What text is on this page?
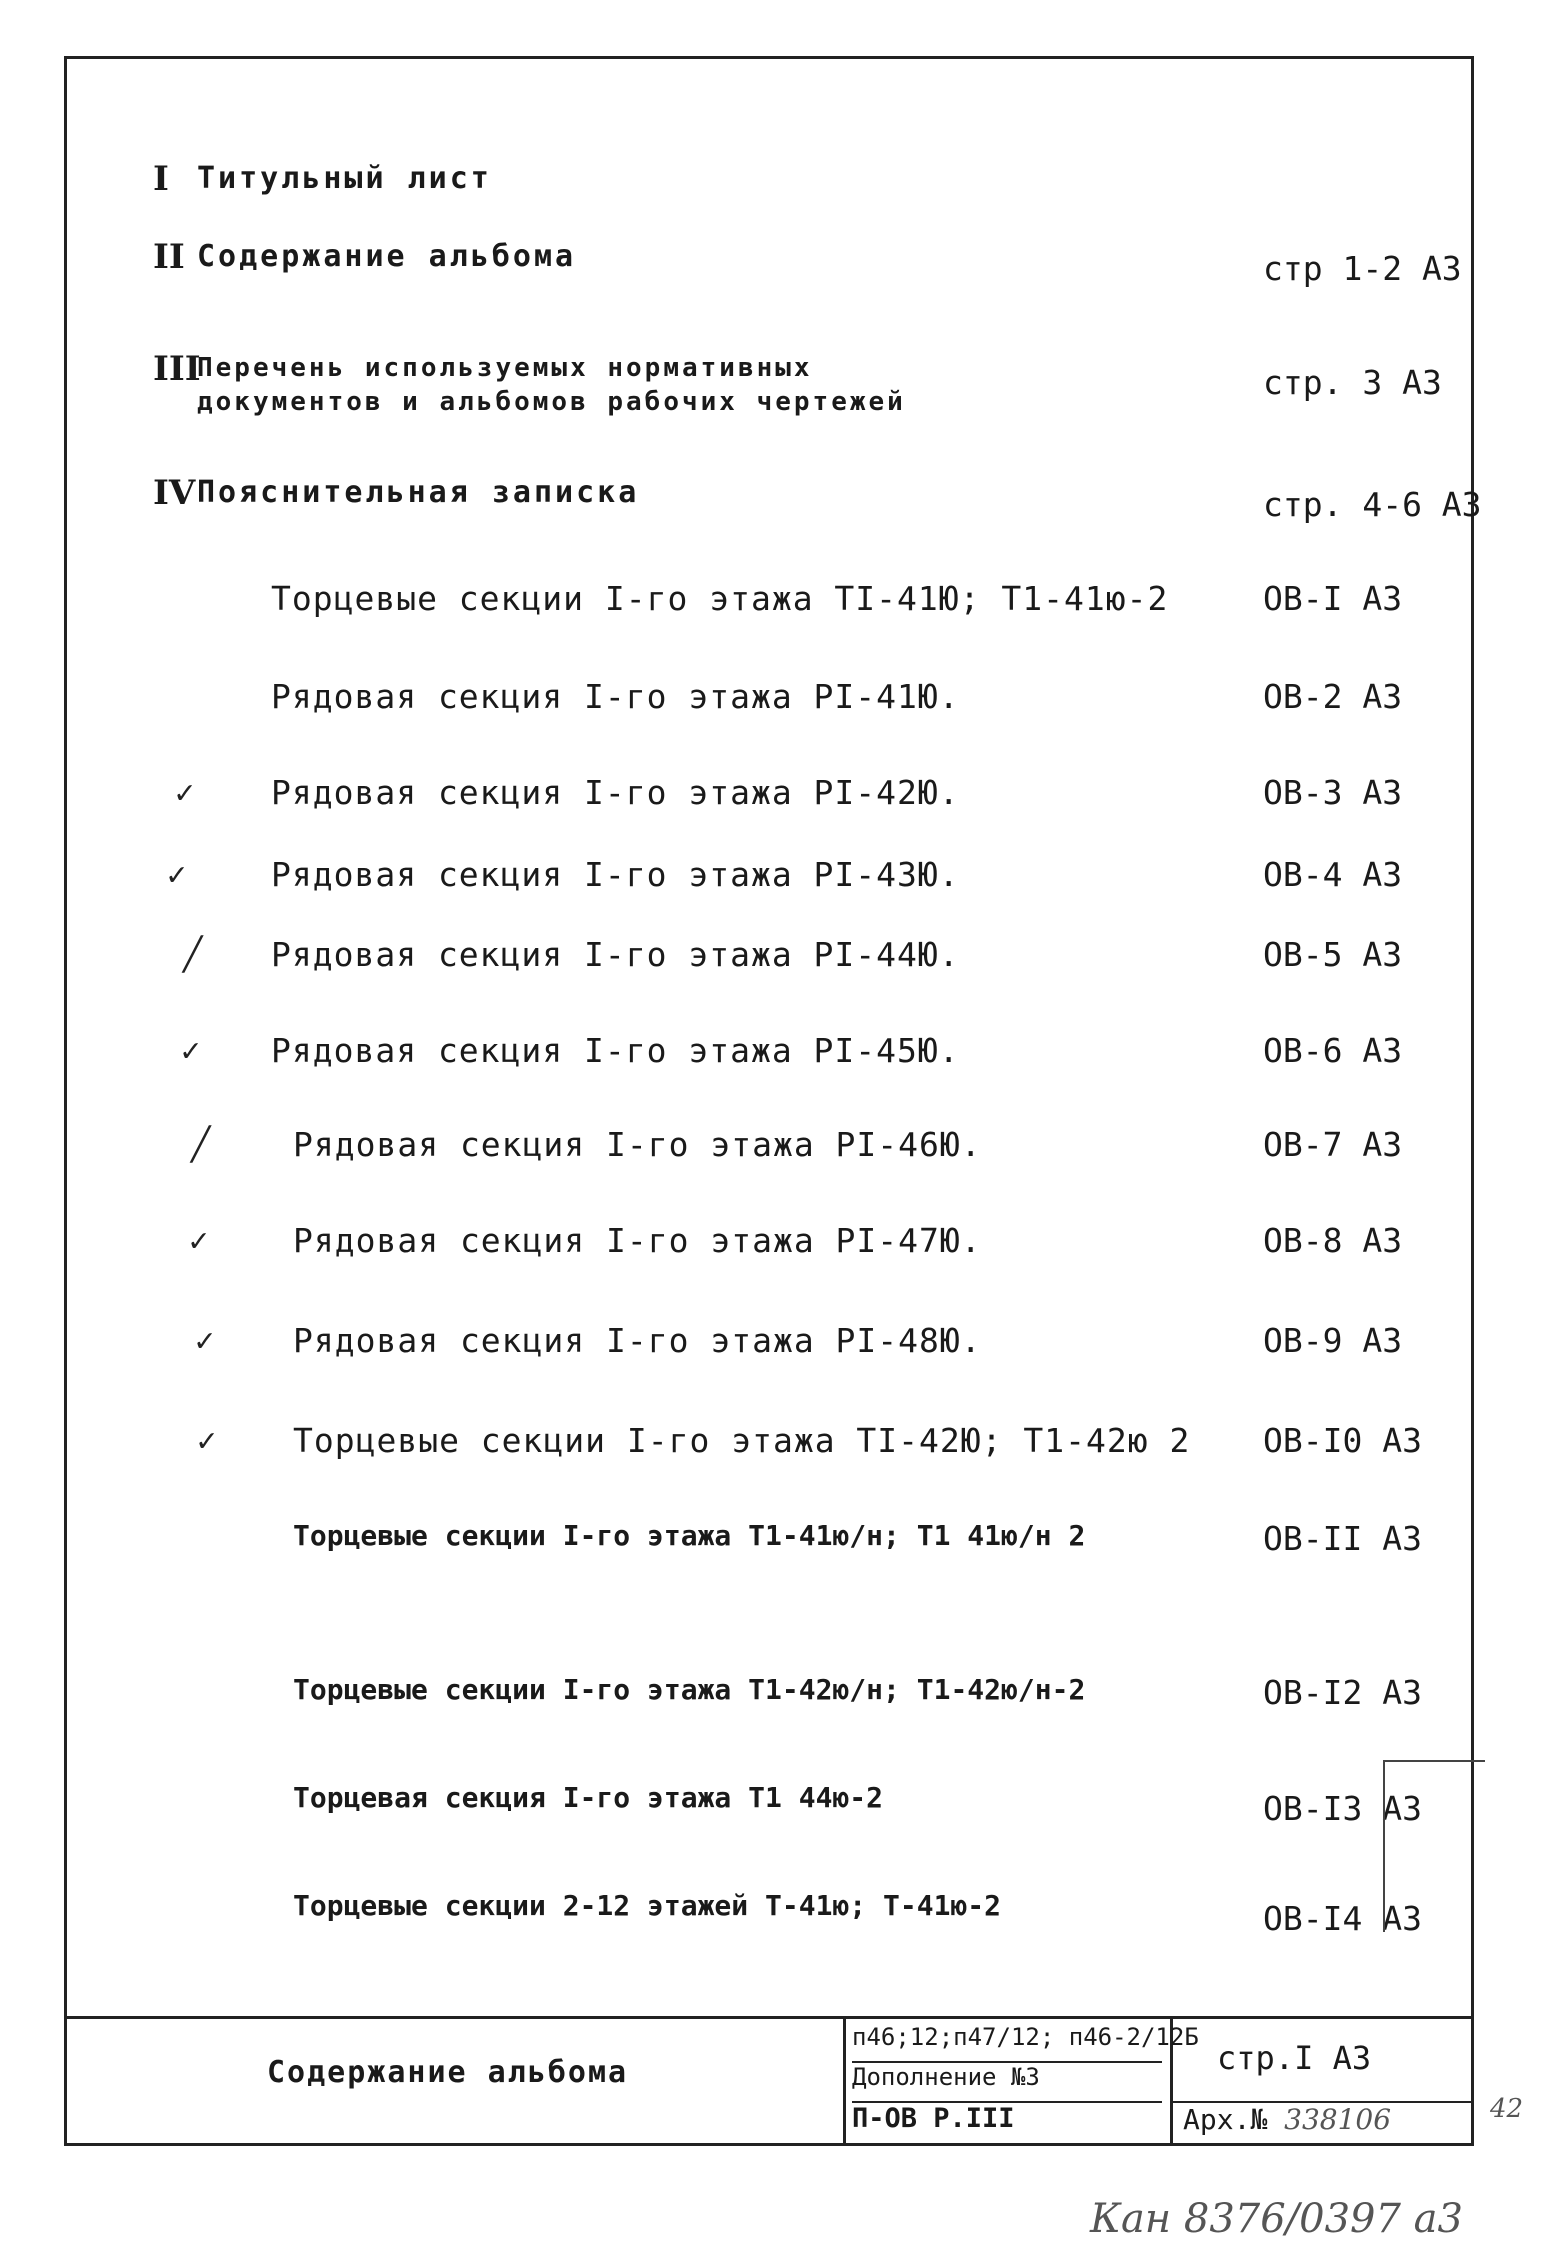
I Титульный лист
II Содержание альбома	стр 1-2 А3
III
Перечень используемых нормативных документов и альбомов рабочих чертежей	стр. 3 А3
IV Пояснительная записка	стр. 4-6 А3
Торцевые секции I-го этажа ТI-41Ю; Т1-41ю-2	ОВ-I А3
Рядовая секция I-го этажа PI-41Ю.	ОВ-2 А3
✓ Рядовая секция I-го этажа PI-42Ю.	ОВ-3 А3
✓	Рядовая секция I-го этажа PI-43Ю.	ОВ-4 А3
╱ Рядовая секция I-го этажа PI-44Ю.	ОВ-5 А3
✓ Рядовая секция I-го этажа PI-45Ю.	ОВ-6 А3
╱	Рядовая секция I-го этажа PI-46Ю.	ОВ-7 А3
✓	Рядовая секция I-го этажа PI-47Ю.	ОВ-8 А3
✓ Рядовая секция I-го этажа PI-48Ю.	ОВ-9 А3
✓ Торцевые секции I-го этажа ТI-42Ю; Т1-42ю 2 ОВ-I0 А3
Торцевые секции I-го этажа Т1-41ю/н; Т1 41ю/н 2	ОВ-II А3
Торцевые секции I-го этажа Т1-42ю/н; Т1-42ю/н-2	ОВ-I2 А3
Торцевая секция I-го этажа Т1 44ю-2	ОВ-I3 А3
Торцевые секции 2-12 этажей Т-41ю; Т-41ю-2	ОВ-I4 А3
Содержание альбома
п46;12;п47/12; п46-2/12Б
Дополнение №3
П-ОВ Р.III
стр.I А3
Арх.№ 338106	42
Кан 8376/0397 а3
